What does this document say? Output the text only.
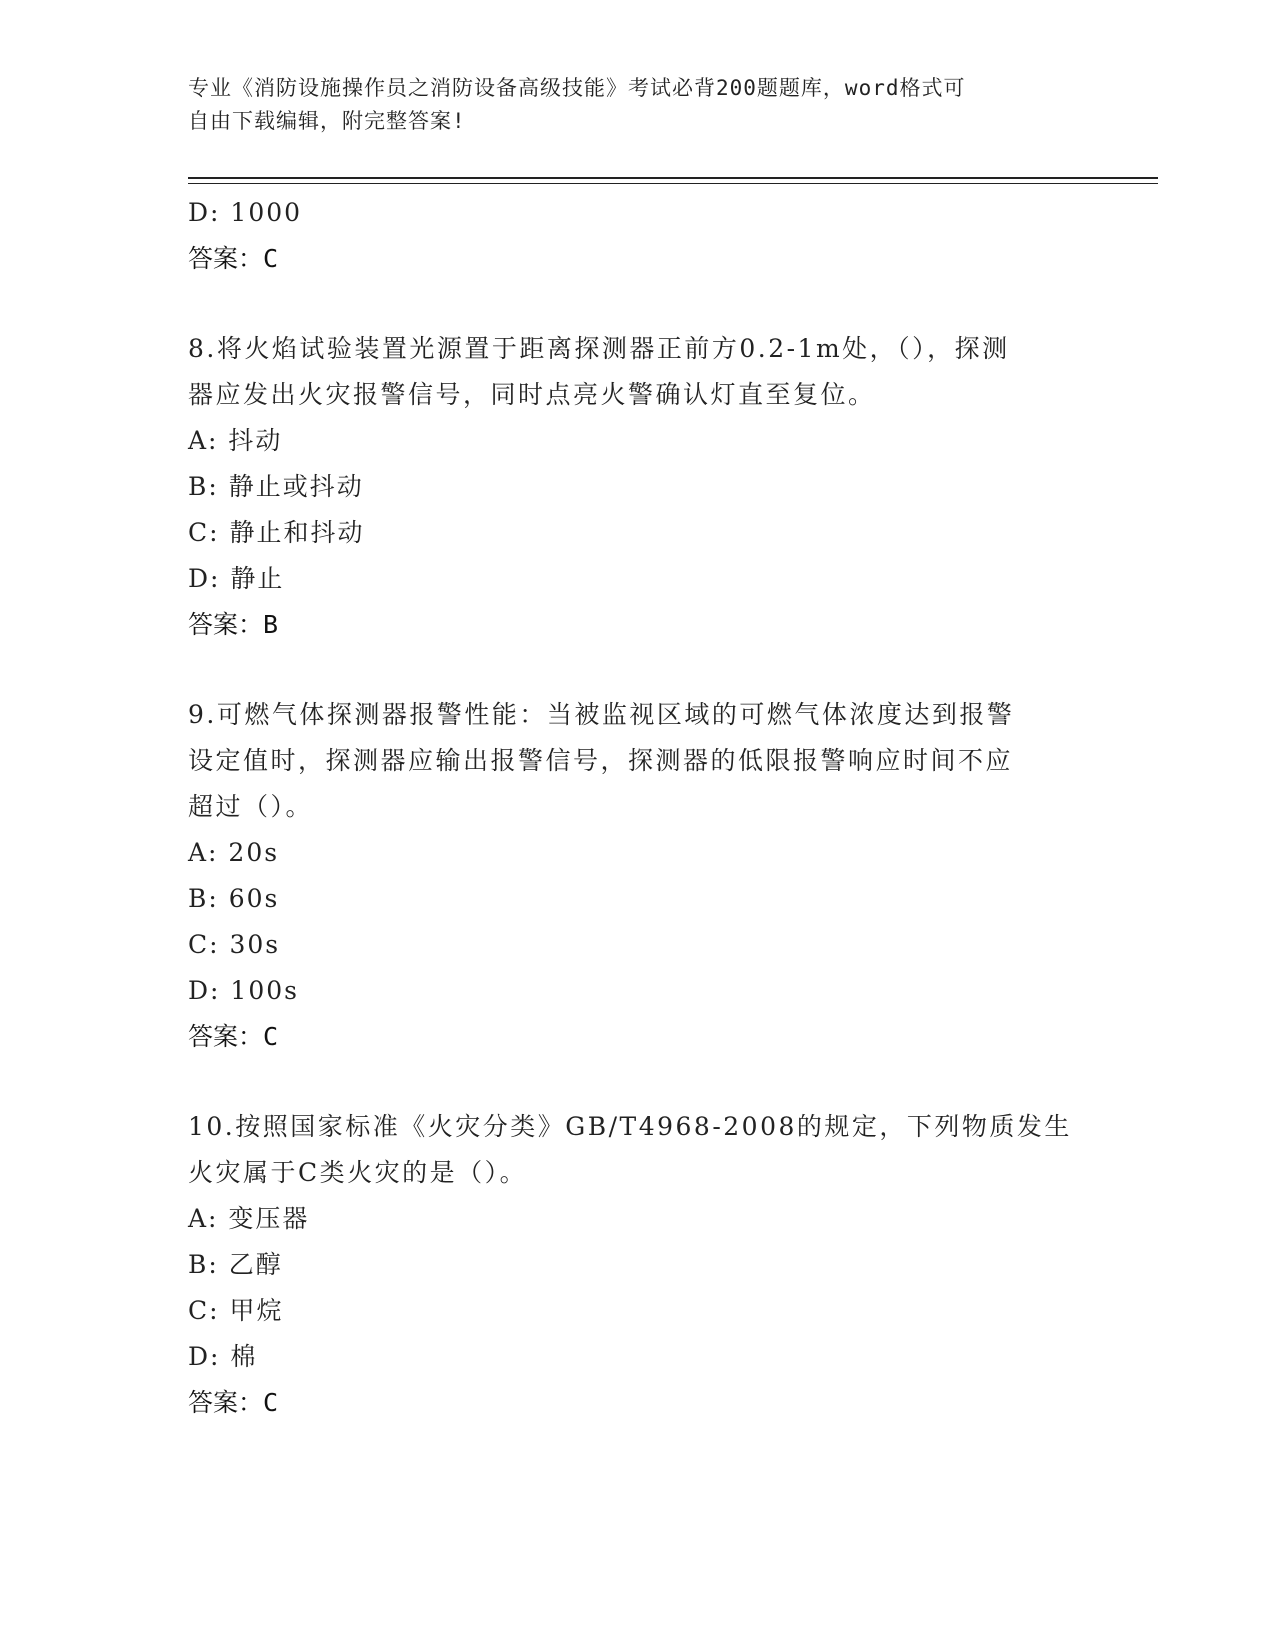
专业《消防设施操作员之消防设备高级技能》考试必背200题题库，word格式可
自由下载编辑，附完整答案!

D: 1000

答案：C

8.将火焰试验装置光源置于距离探测器正前方0.2-1m处，（），探测

器应发出火灾报警信号，同时点亮火警确认灯直至复位。

A: 抖动

B: 静止或抖动

C: 静止和抖动

D: 静止

答案：B

9.可燃气体探测器报警性能：当被监视区域的可燃气体浓度达到报警

设定值时，探测器应输出报警信号，探测器的低限报警响应时间不应

超过（）。

A: 20s

B: 60s

C: 30s

D: 100s

答案：C

10.按照国家标准《火灾分类》GB/T4968-2008的规定，下列物质发生

火灾属于C类火灾的是（）。

A: 变压器

B: 乙醇

C: 甲烷

D: 棉

答案：C
